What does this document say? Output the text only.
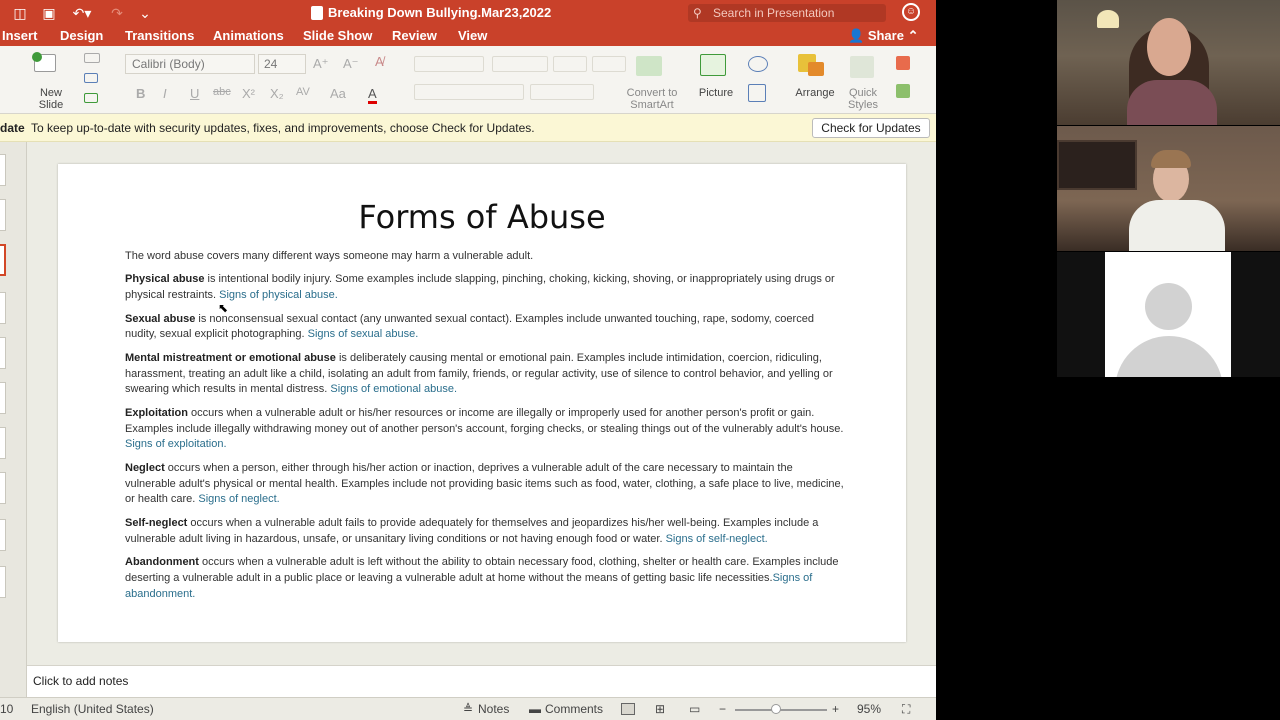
◫ ▣	↶▾	↷ ⌄	Breaking Down Bullying.Mar23,2022	⚲ Search in Presentation	☺
Insert Design Transitions Animations Slide Show Review View	👤 Share ⌃
New
Slide
Calibri (Body)	24	A⁺ A⁻ A̸
B I U abc X² X₂ AV Aa A	Convert to
SmartArt
Picture	Arrange	Quick
Styles
date To keep up-to-date with security updates, fixes, and improvements, choose Check for Updates.	Check for Updates
Forms of Abuse

The word abuse covers many different ways someone may harm a vulnerable adult.

Physical abuse is intentional bodily injury. Some examples include slapping, pinching, choking, kicking, shoving, or inappropriately using drugs or physical restraints. Signs of physical abuse.

Sexual abuse is nonconsensual sexual contact (any unwanted sexual contact). Examples include unwanted touching, rape, sodomy, coerced nudity, sexual explicit photographing. Signs of sexual abuse.

Mental mistreatment or emotional abuse is deliberately causing mental or emotional pain. Examples include intimidation, coercion, ridiculing, harassment, treating an adult like a child, isolating an adult from family, friends, or regular activity, use of silence to control behavior, and yelling or swearing which results in mental distress. Signs of emotional abuse.

Exploitation occurs when a vulnerable adult or his/her resources or income are illegally or improperly used for another person's profit or gain. Examples include illegally withdrawing money out of another person's account, forging checks, or stealing things out of the vulnerably adult's house. Signs of exploitation.

Neglect occurs when a person, either through his/her action or inaction, deprives a vulnerable adult of the care necessary to maintain the vulnerable adult's physical or mental health. Examples include not providing basic items such as food, water, clothing, a safe place to live, medicine, or health care. Signs of neglect.

Self-neglect occurs when a vulnerable adult fails to provide adequately for themselves and jeopardizes his/her well-being. Examples include a vulnerable adult living in hazardous, unsafe, or unsanitary living conditions or not having enough food or water. Signs of self-neglect.

Abandonment occurs when a vulnerable adult is left without the ability to obtain necessary food, clothing, shelter or health care. Examples include deserting a vulnerable adult in a public place or leaving a vulnerable adult at home without the means of getting basic life necessities.Signs of abandonment.

⬉
Click to add notes
10 English (United States)	≜ Notes ▬ Comments	⊞ ▭ −	+ 95% ⛶
